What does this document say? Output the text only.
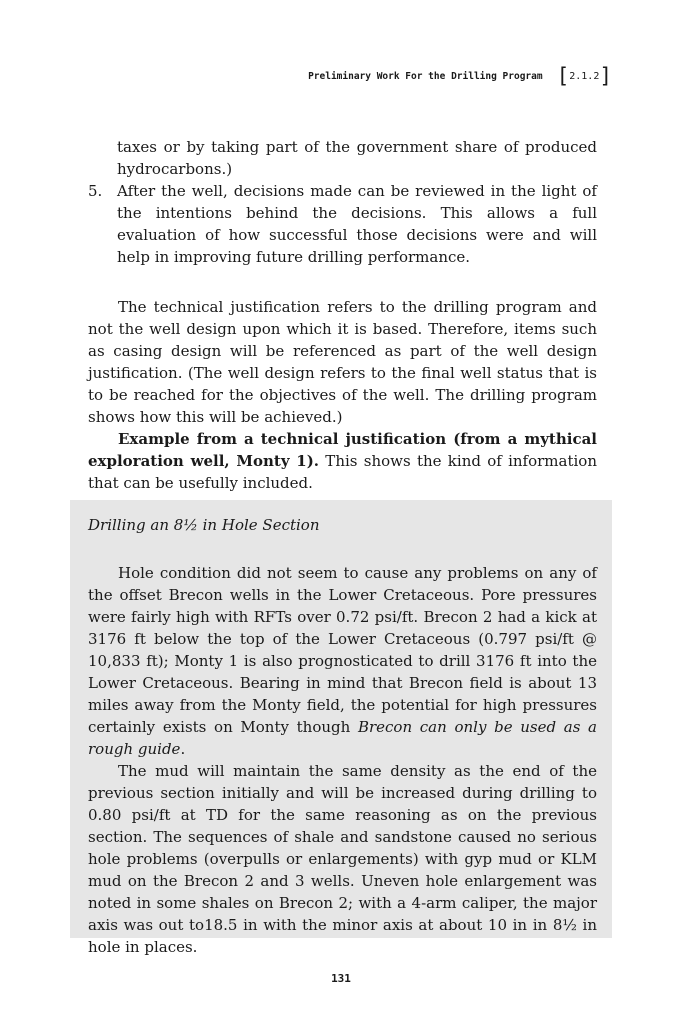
Preliminary Work For the Drilling Program [ 2.1.2 ]

taxes or by taking part of the government share of produced hydrocarbons.)

5. After the well, decisions made can be reviewed in the light of the intentions behind the decisions. This allows a full evaluation of how successful those decisions were and will help in improving future drilling performance.

The technical justification refers to the drilling program and not the well design upon which it is based. Therefore, items such as casing design will be referenced as part of the well design justification. (The well design refers to the final well status that is to be reached for the objectives of the well. The drilling program shows how this will be achieved.)

Example from a technical justification (from a mythical exploration well, Monty 1). This shows the kind of information that can be usefully included.

Drilling an 8½ in Hole Section

Hole condition did not seem to cause any problems on any of the offset Brecon wells in the Lower Cretaceous. Pore pressures were fairly high with RFTs over 0.72 psi/ft. Brecon 2 had a kick at 3176 ft below the top of the Lower Cretaceous (0.797 psi/ft @ 10,833 ft); Monty 1 is also prognosticated to drill 3176 ft into the Lower Cretaceous. Bearing in mind that Brecon field is about 13 miles away from the Monty field, the potential for high pressures certainly exists on Monty though Brecon can only be used as a rough guide.

The mud will maintain the same density as the end of the previous section initially and will be increased during drilling to 0.80 psi/ft at TD for the same reasoning as on the previous section. The sequences of shale and sandstone caused no serious hole problems (overpulls or enlargements) with gyp mud or KLM mud on the Brecon 2 and 3 wells. Uneven hole enlargement was noted in some shales on Brecon 2; with a 4-arm caliper, the major axis was out to18.5 in with the minor axis at about 10 in in 8½ in hole in places.

131
